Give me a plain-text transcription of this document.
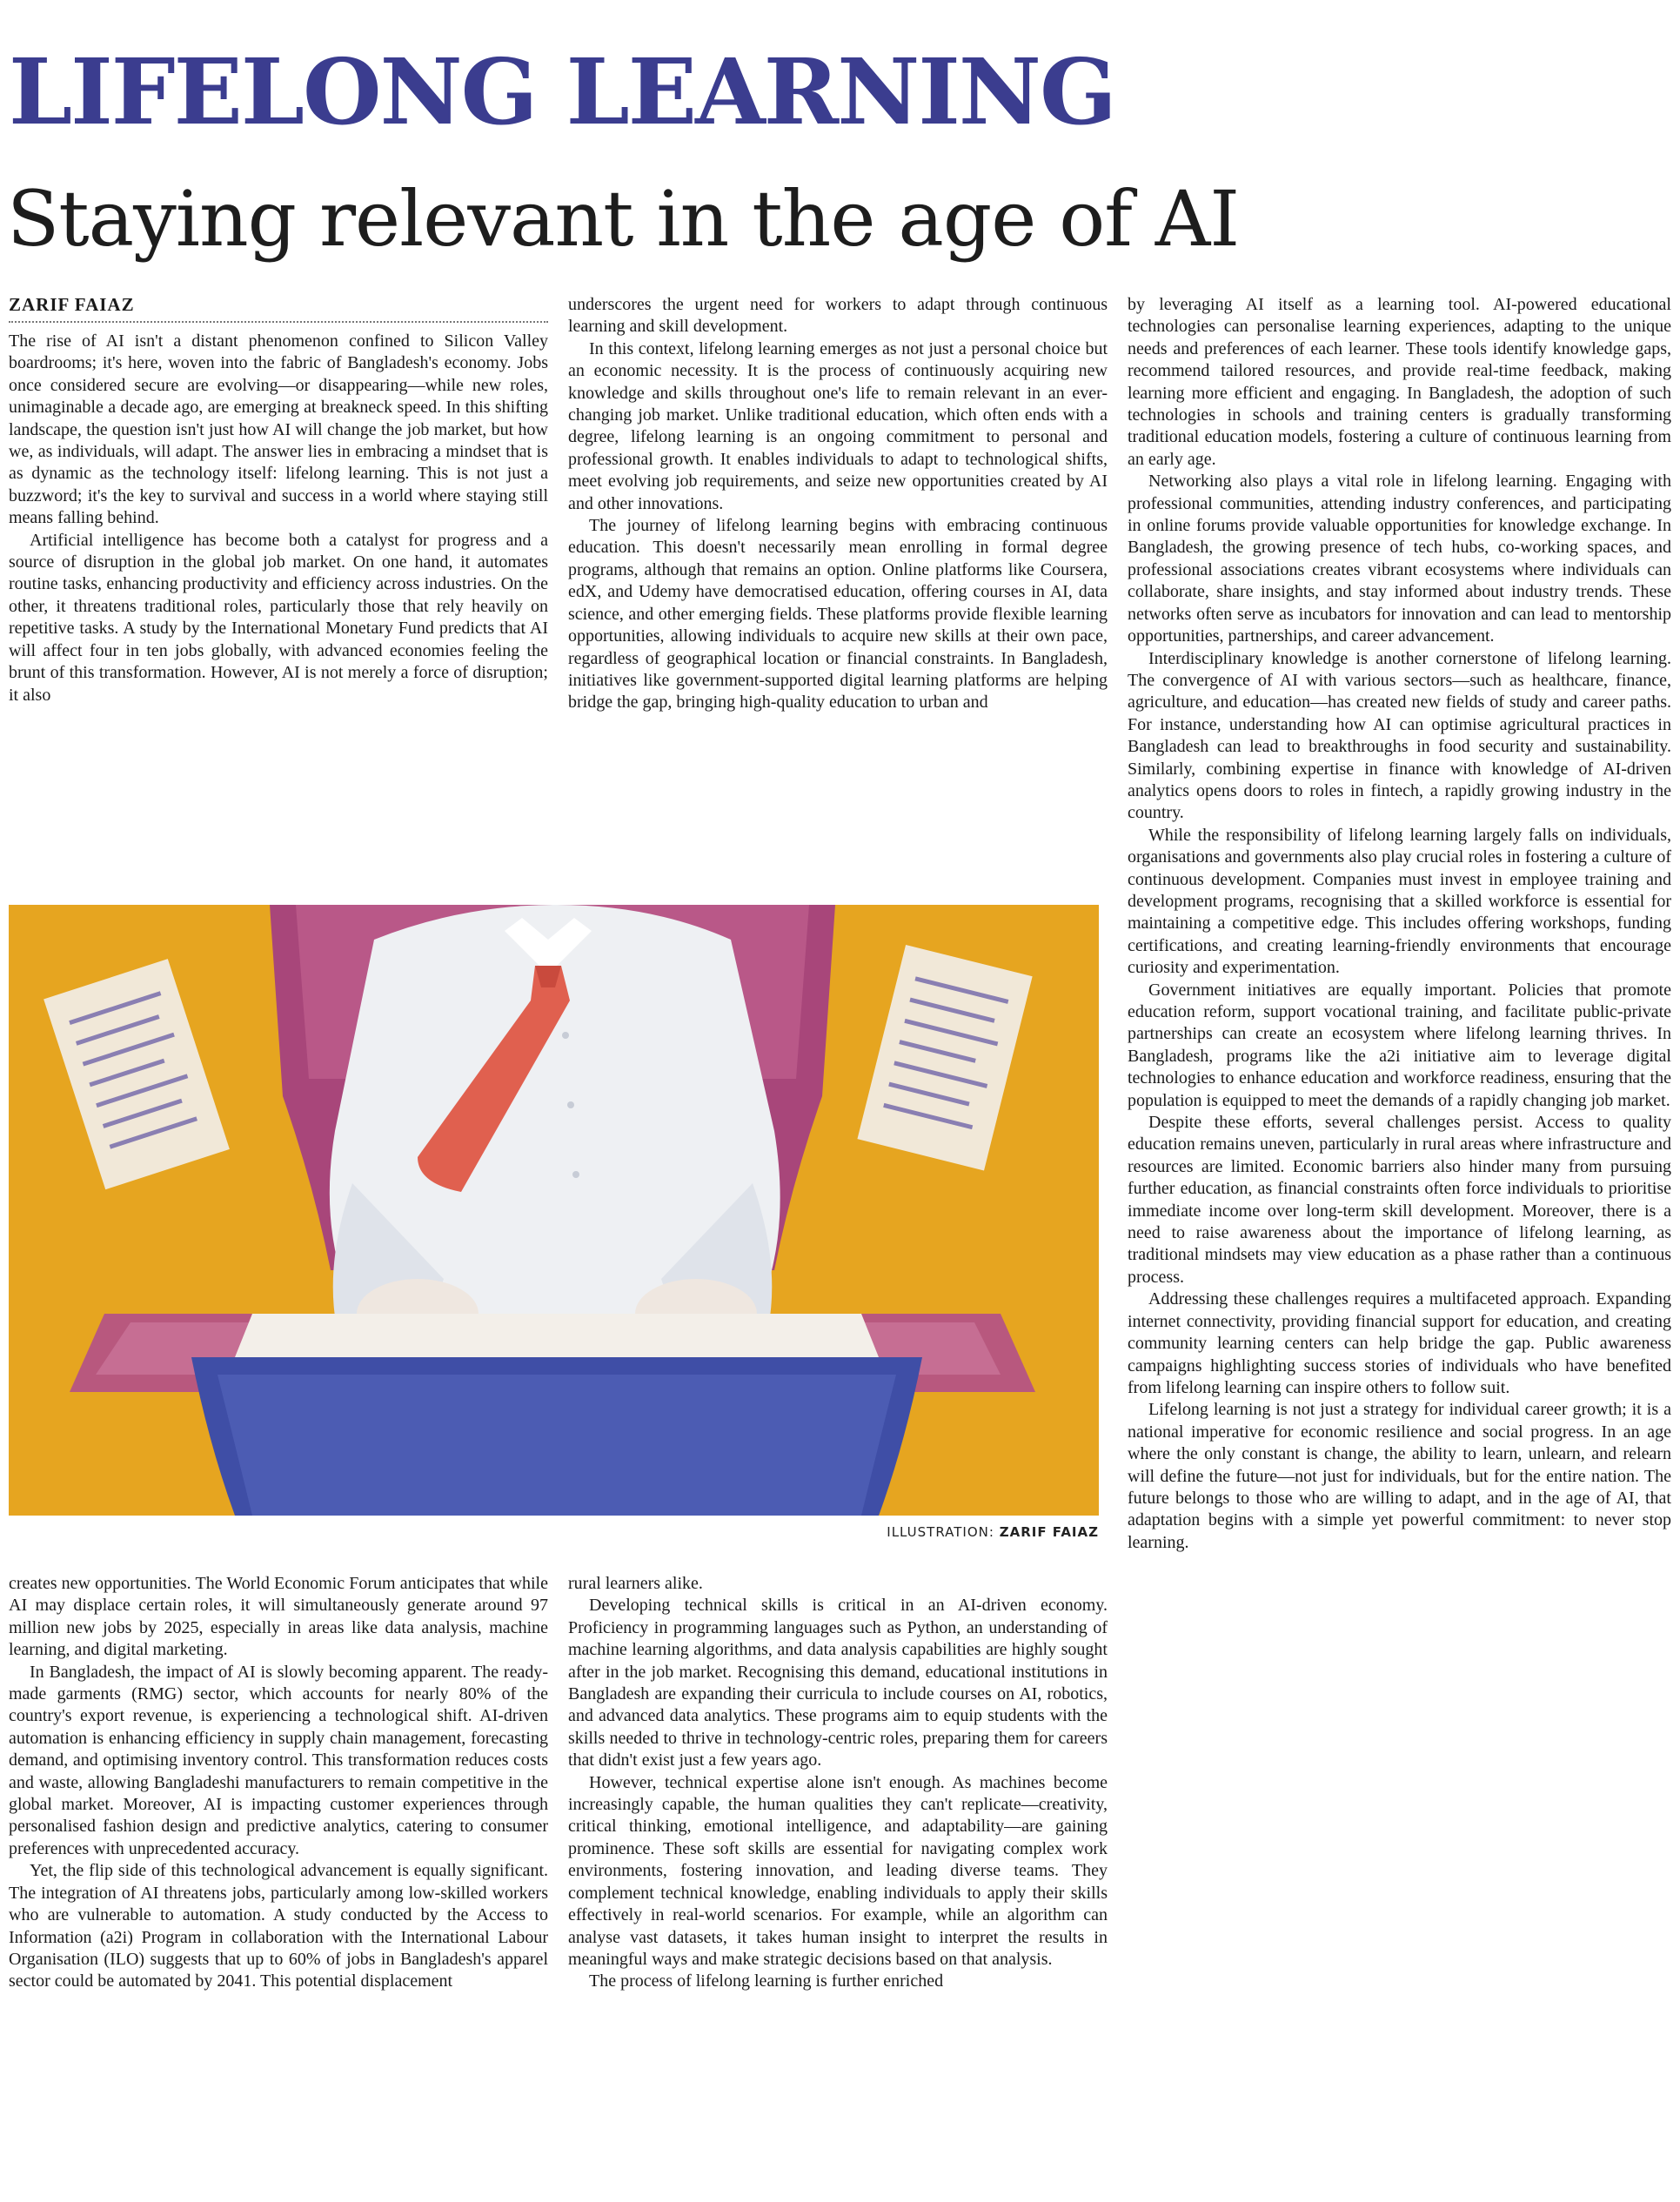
LIFELONG LEARNING
Staying relevant in the age of AI
ZARIF FAIAZ

The rise of AI isn't a distant phenomenon confined to Silicon Valley boardrooms; it's here, woven into the fabric of Bangladesh's economy. Jobs once considered secure are evolving—or disappearing—while new roles, unimaginable a decade ago, are emerging at breakneck speed. In this shifting landscape, the question isn't just how AI will change the job market, but how we, as individuals, will adapt. The answer lies in embracing a mindset that is as dynamic as the technology itself: lifelong learning. This is not just a buzzword; it's the key to survival and success in a world where staying still means falling behind.

Artificial intelligence has become both a catalyst for progress and a source of disruption in the global job market. On one hand, it automates routine tasks, enhancing productivity and efficiency across industries. On the other, it threatens traditional roles, particularly those that rely heavily on repetitive tasks. A study by the International Monetary Fund predicts that AI will affect four in ten jobs globally, with advanced economies feeling the brunt of this transformation. However, AI is not merely a force of disruption; it also

underscores the urgent need for workers to adapt through continuous learning and skill development.

In this context, lifelong learning emerges as not just a personal choice but an economic necessity. It is the process of continuously acquiring new knowledge and skills throughout one's life to remain relevant in an ever-changing job market. Unlike traditional education, which often ends with a degree, lifelong learning is an ongoing commitment to personal and professional growth. It enables individuals to adapt to technological shifts, meet evolving job requirements, and seize new opportunities created by AI and other innovations.

The journey of lifelong learning begins with embracing continuous education. This doesn't necessarily mean enrolling in formal degree programs, although that remains an option. Online platforms like Coursera, edX, and Udemy have democratised education, offering courses in AI, data science, and other emerging fields. These platforms provide flexible learning opportunities, allowing individuals to acquire new skills at their own pace, regardless of geographical location or financial constraints. In Bangladesh, initiatives like government-supported digital learning platforms are helping bridge the gap, bringing high-quality education to urban and

ILLUSTRATION: ZARIF FAIAZ

creates new opportunities. The World Economic Forum anticipates that while AI may displace certain roles, it will simultaneously generate around 97 million new jobs by 2025, especially in areas like data analysis, machine learning, and digital marketing.

In Bangladesh, the impact of AI is slowly becoming apparent. The ready-made garments (RMG) sector, which accounts for nearly 80% of the country's export revenue, is experiencing a technological shift. AI-driven automation is enhancing efficiency in supply chain management, forecasting demand, and optimising inventory control. This transformation reduces costs and waste, allowing Bangladeshi manufacturers to remain competitive in the global market. Moreover, AI is impacting customer experiences through personalised fashion design and predictive analytics, catering to consumer preferences with unprecedented accuracy.

Yet, the flip side of this technological advancement is equally significant. The integration of AI threatens jobs, particularly among low-skilled workers who are vulnerable to automation. A study conducted by the Access to Information (a2i) Program in collaboration with the International Labour Organisation (ILO) suggests that up to 60% of jobs in Bangladesh's apparel sector could be automated by 2041. This potential displacement

rural learners alike.

Developing technical skills is critical in an AI-driven economy. Proficiency in programming languages such as Python, an understanding of machine learning algorithms, and data analysis capabilities are highly sought after in the job market. Recognising this demand, educational institutions in Bangladesh are expanding their curricula to include courses on AI, robotics, and advanced data analytics. These programs aim to equip students with the skills needed to thrive in technology-centric roles, preparing them for careers that didn't exist just a few years ago.

However, technical expertise alone isn't enough. As machines become increasingly capable, the human qualities they can't replicate—creativity, critical thinking, emotional intelligence, and adaptability—are gaining prominence. These soft skills are essential for navigating complex work environments, fostering innovation, and leading diverse teams. They complement technical knowledge, enabling individuals to apply their skills effectively in real-world scenarios. For example, while an algorithm can analyse vast datasets, it takes human insight to interpret the results in meaningful ways and make strategic decisions based on that analysis.

The process of lifelong learning is further enriched

by leveraging AI itself as a learning tool. AI-powered educational technologies can personalise learning experiences, adapting to the unique needs and preferences of each learner. These tools identify knowledge gaps, recommend tailored resources, and provide real-time feedback, making learning more efficient and engaging. In Bangladesh, the adoption of such technologies in schools and training centers is gradually transforming traditional education models, fostering a culture of continuous learning from an early age.

Networking also plays a vital role in lifelong learning. Engaging with professional communities, attending industry conferences, and participating in online forums provide valuable opportunities for knowledge exchange. In Bangladesh, the growing presence of tech hubs, co-working spaces, and professional associations creates vibrant ecosystems where individuals can collaborate, share insights, and stay informed about industry trends. These networks often serve as incubators for innovation and can lead to mentorship opportunities, partnerships, and career advancement.

Interdisciplinary knowledge is another cornerstone of lifelong learning. The convergence of AI with various sectors—such as healthcare, finance, agriculture, and education—has created new fields of study and career paths. For instance, understanding how AI can optimise agricultural practices in Bangladesh can lead to breakthroughs in food security and sustainability. Similarly, combining expertise in finance with knowledge of AI-driven analytics opens doors to roles in fintech, a rapidly growing industry in the country.

While the responsibility of lifelong learning largely falls on individuals, organisations and governments also play crucial roles in fostering a culture of continuous development. Companies must invest in employee training and development programs, recognising that a skilled workforce is essential for maintaining a competitive edge. This includes offering workshops, funding certifications, and creating learning-friendly environments that encourage curiosity and experimentation.

Government initiatives are equally important. Policies that promote education reform, support vocational training, and facilitate public-private partnerships can create an ecosystem where lifelong learning thrives. In Bangladesh, programs like the a2i initiative aim to leverage digital technologies to enhance education and workforce readiness, ensuring that the population is equipped to meet the demands of a rapidly changing job market.

Despite these efforts, several challenges persist. Access to quality education remains uneven, particularly in rural areas where infrastructure and resources are limited. Economic barriers also hinder many from pursuing further education, as financial constraints often force individuals to prioritise immediate income over long-term skill development. Moreover, there is a need to raise awareness about the importance of lifelong learning, as traditional mindsets may view education as a phase rather than a continuous process.

Addressing these challenges requires a multifaceted approach. Expanding internet connectivity, providing financial support for education, and creating community learning centers can help bridge the gap. Public awareness campaigns highlighting success stories of individuals who have benefited from lifelong learning can inspire others to follow suit.

Lifelong learning is not just a strategy for individual career growth; it is a national imperative for economic resilience and social progress. In an age where the only constant is change, the ability to learn, unlearn, and relearn will define the future—not just for individuals, but for the entire nation. The future belongs to those who are willing to adapt, and in the age of AI, that adaptation begins with a simple yet powerful commitment: to never stop learning.
